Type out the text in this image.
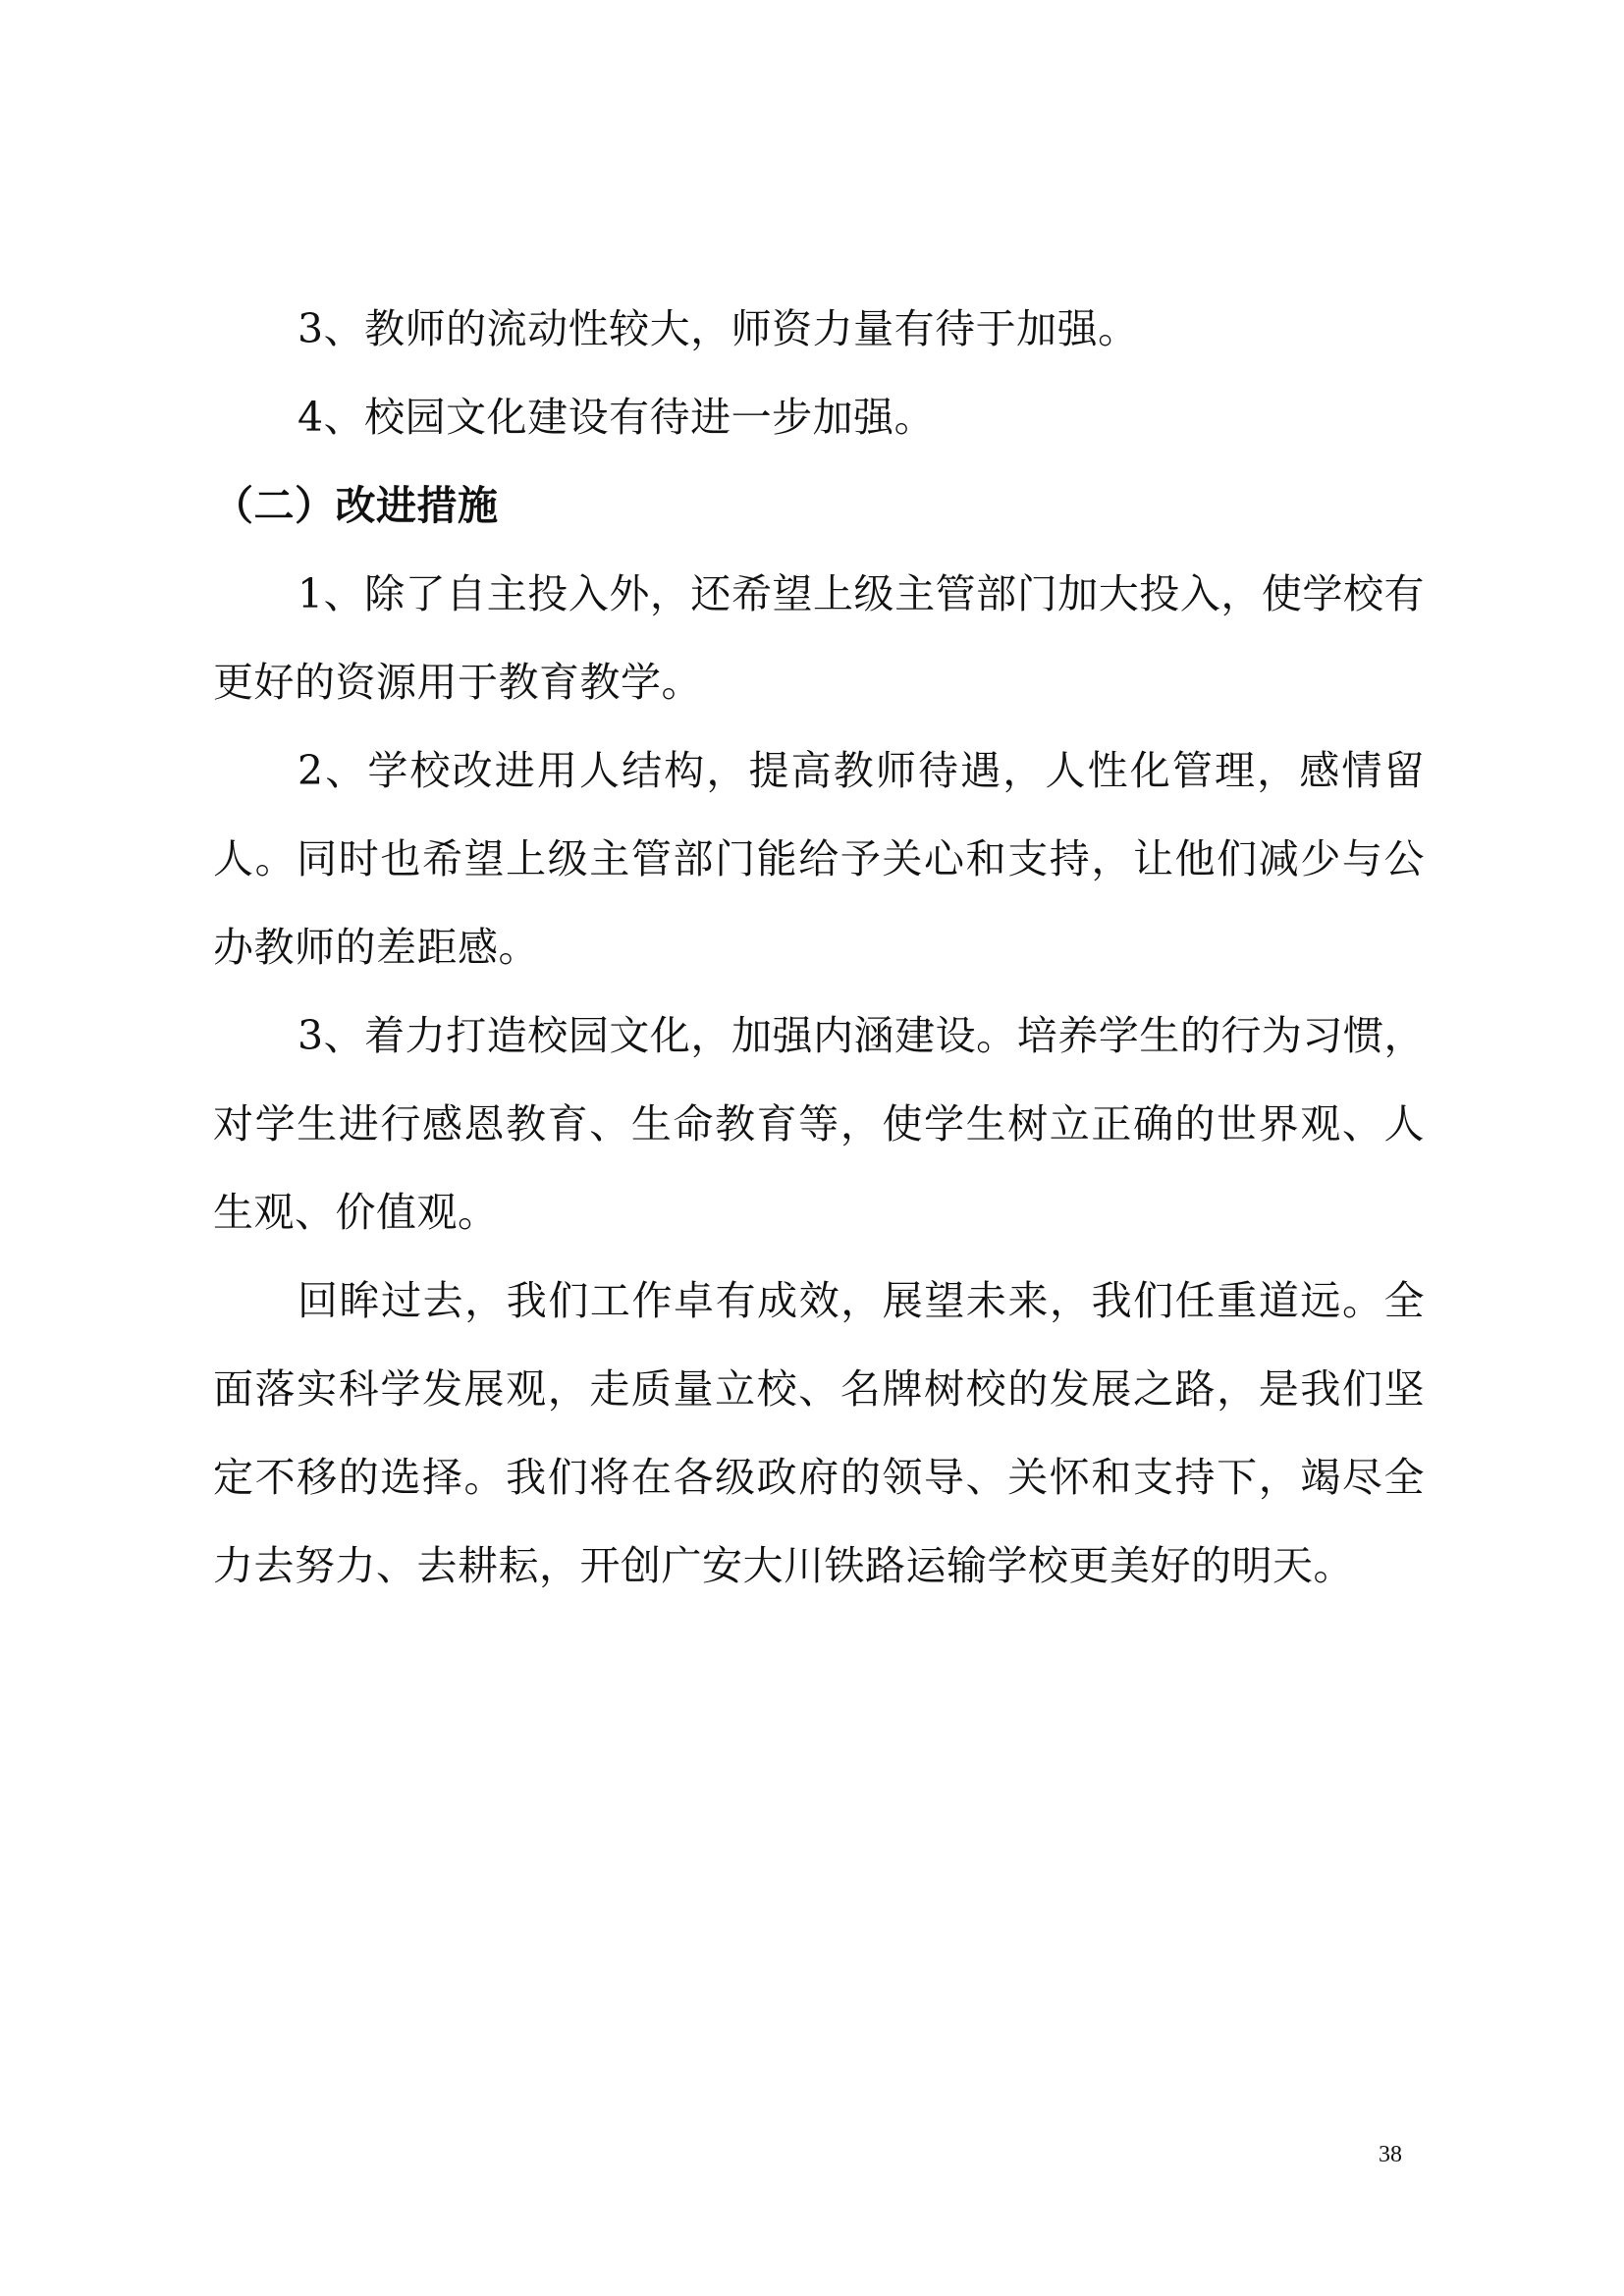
3、教师的流动性较大，师资力量有待于加强。

4、校园文化建设有待进一步加强。

（二）改进措施

1、除了自主投入外，还希望上级主管部门加大投入，使学校有更好的资源用于教育教学。

2、学校改进用人结构，提高教师待遇，人性化管理，感情留人。同时也希望上级主管部门能给予关心和支持，让他们减少与公办教师的差距感。

3、着力打造校园文化，加强内涵建设。培养学生的行为习惯，对学生进行感恩教育、生命教育等，使学生树立正确的世界观、人生观、价值观。

回眸过去，我们工作卓有成效，展望未来，我们任重道远。全面落实科学发展观，走质量立校、名牌树校的发展之路，是我们坚定不移的选择。我们将在各级政府的领导、关怀和支持下，竭尽全力去努力、去耕耘，开创广安大川铁路运输学校更美好的明天。

38
